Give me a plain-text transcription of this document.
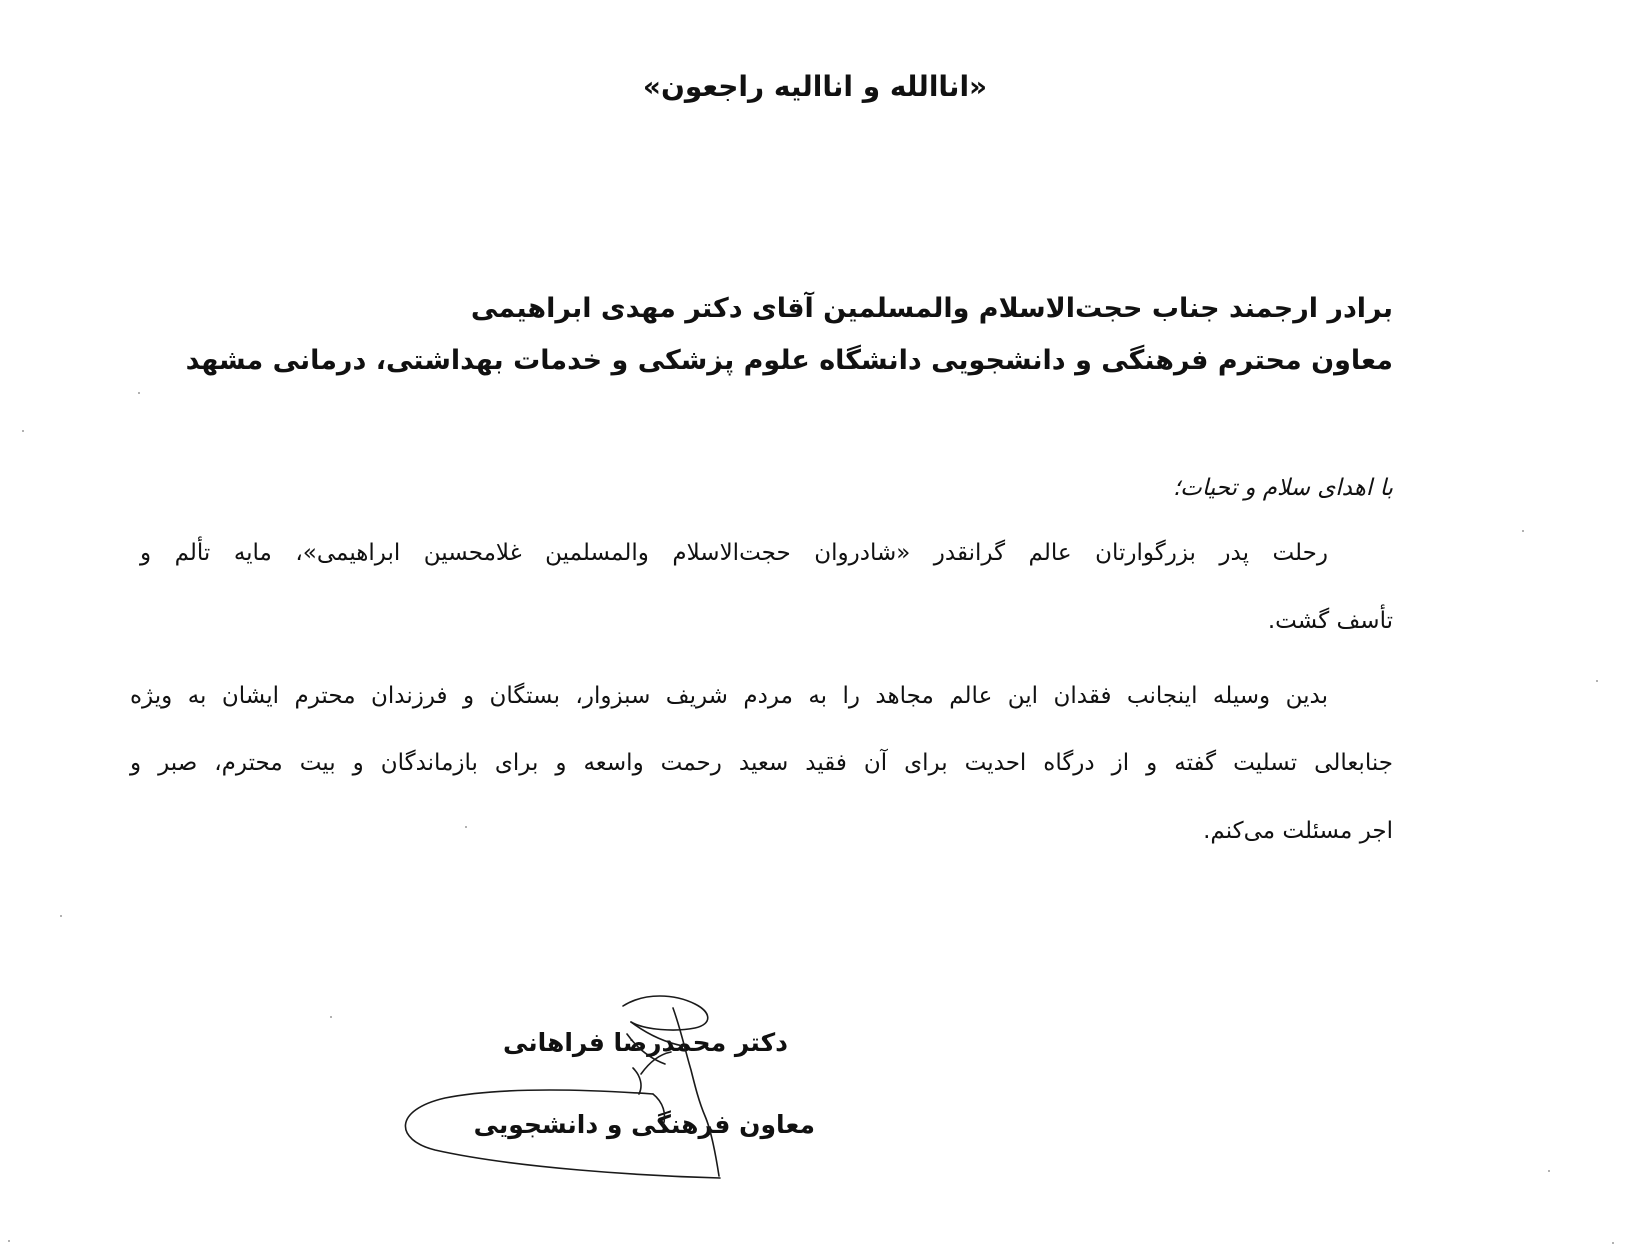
«اناالله و اناالیه راجعون»
برادر ارجمند جناب حجت‌الاسلام والمسلمین آقای دکتر مهدی ابراهیمی
معاون محترم فرهنگی و دانشجویی دانشگاه علوم پزشکی و خدمات بهداشتی، درمانی مشهد
با اهدای سلام و تحیات؛
رحلت پدر بزرگوارتان عالم گرانقدر «شادروان حجت‌الاسلام والمسلمین غلامحسین ابراهیمی»، مایه تألم و
تأسف گشت.
بدین وسیله اینجانب فقدان این عالم مجاهد را به مردم شریف سبزوار، بستگان و فرزندان محترم ایشان به ویژه
جنابعالی تسلیت گفته و از درگاه احدیت برای آن فقید سعید رحمت واسعه و برای بازماندگان و بیت محترم، صبر و
اجر مسئلت می‌کنم.
دکتر محمدرضا فراهانی
معاون فرهنگی و دانشجویی
